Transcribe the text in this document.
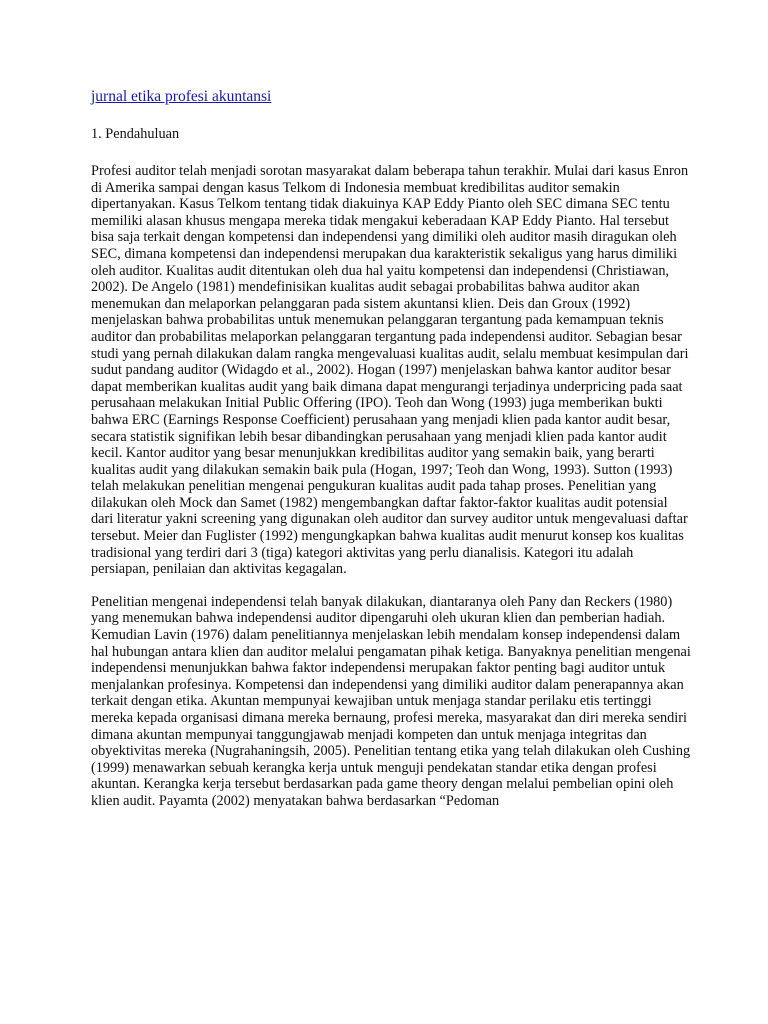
jurnal etika profesi akuntansi
1. Pendahuluan

Profesi auditor telah menjadi sorotan masyarakat dalam beberapa tahun terakhir. Mulai dari kasus Enron di Amerika sampai dengan kasus Telkom di Indonesia membuat kredibilitas auditor semakin dipertanyakan. Kasus Telkom tentang tidak diakuinya KAP Eddy Pianto oleh SEC dimana SEC tentu memiliki alasan khusus mengapa mereka tidak mengakui keberadaan KAP Eddy Pianto. Hal tersebut bisa saja terkait dengan kompetensi dan independensi yang dimiliki oleh auditor masih diragukan oleh SEC, dimana kompetensi dan independensi merupakan dua karakteristik sekaligus yang harus dimiliki oleh auditor. Kualitas audit ditentukan oleh dua hal yaitu kompetensi dan independensi (Christiawan, 2002). De Angelo (1981) mendefinisikan kualitas audit sebagai probabilitas bahwa auditor akan menemukan dan melaporkan pelanggaran pada sistem akuntansi klien. Deis dan Groux (1992) menjelaskan bahwa probabilitas untuk menemukan pelanggaran tergantung pada kemampuan teknis auditor dan probabilitas melaporkan pelanggaran tergantung pada independensi auditor. Sebagian besar studi yang pernah dilakukan dalam rangka mengevaluasi kualitas audit, selalu membuat kesimpulan dari sudut pandang auditor (Widagdo et al., 2002). Hogan (1997) menjelaskan bahwa kantor auditor besar dapat memberikan kualitas audit yang baik dimana dapat mengurangi terjadinya underpricing pada saat perusahaan melakukan Initial Public Offering (IPO). Teoh dan Wong (1993) juga memberikan bukti bahwa ERC (Earnings Response Coefficient) perusahaan yang menjadi klien pada kantor audit besar, secara statistik signifikan lebih besar dibandingkan perusahaan yang menjadi klien pada kantor audit kecil. Kantor auditor yang besar menunjukkan kredibilitas auditor yang semakin baik, yang berarti kualitas audit yang dilakukan semakin baik pula (Hogan, 1997; Teoh dan Wong, 1993). Sutton (1993) telah melakukan penelitian mengenai pengukuran kualitas audit pada tahap proses. Penelitian yang dilakukan oleh Mock dan Samet (1982) mengembangkan daftar faktor-faktor kualitas audit potensial dari literatur yakni screening yang digunakan oleh auditor dan survey auditor untuk mengevaluasi daftar tersebut. Meier dan Fuglister (1992) mengungkapkan bahwa kualitas audit menurut konsep kos kualitas tradisional yang terdiri dari 3 (tiga) kategori aktivitas yang perlu dianalisis. Kategori itu adalah persiapan, penilaian dan aktivitas kegagalan.

Penelitian mengenai independensi telah banyak dilakukan, diantaranya oleh Pany dan Reckers (1980) yang menemukan bahwa independensi auditor dipengaruhi oleh ukuran klien dan pemberian hadiah. Kemudian Lavin (1976) dalam penelitiannya menjelaskan lebih mendalam konsep independensi dalam hal hubungan antara klien dan auditor melalui pengamatan pihak ketiga. Banyaknya penelitian mengenai independensi menunjukkan bahwa faktor independensi merupakan faktor penting bagi auditor untuk menjalankan profesinya. Kompetensi dan independensi yang dimiliki auditor dalam penerapannya akan terkait dengan etika. Akuntan mempunyai kewajiban untuk menjaga standar perilaku etis tertinggi mereka kepada organisasi dimana mereka bernaung, profesi mereka, masyarakat dan diri mereka sendiri dimana akuntan mempunyai tanggungjawab menjadi kompeten dan untuk menjaga integritas dan obyektivitas mereka (Nugrahaningsih, 2005). Penelitian tentang etika yang telah dilakukan oleh Cushing (1999) menawarkan sebuah kerangka kerja untuk menguji pendekatan standar etika dengan profesi akuntan. Kerangka kerja tersebut berdasarkan pada game theory dengan melalui pembelian opini oleh klien audit. Payamta (2002) menyatakan bahwa berdasarkan “Pedoman
